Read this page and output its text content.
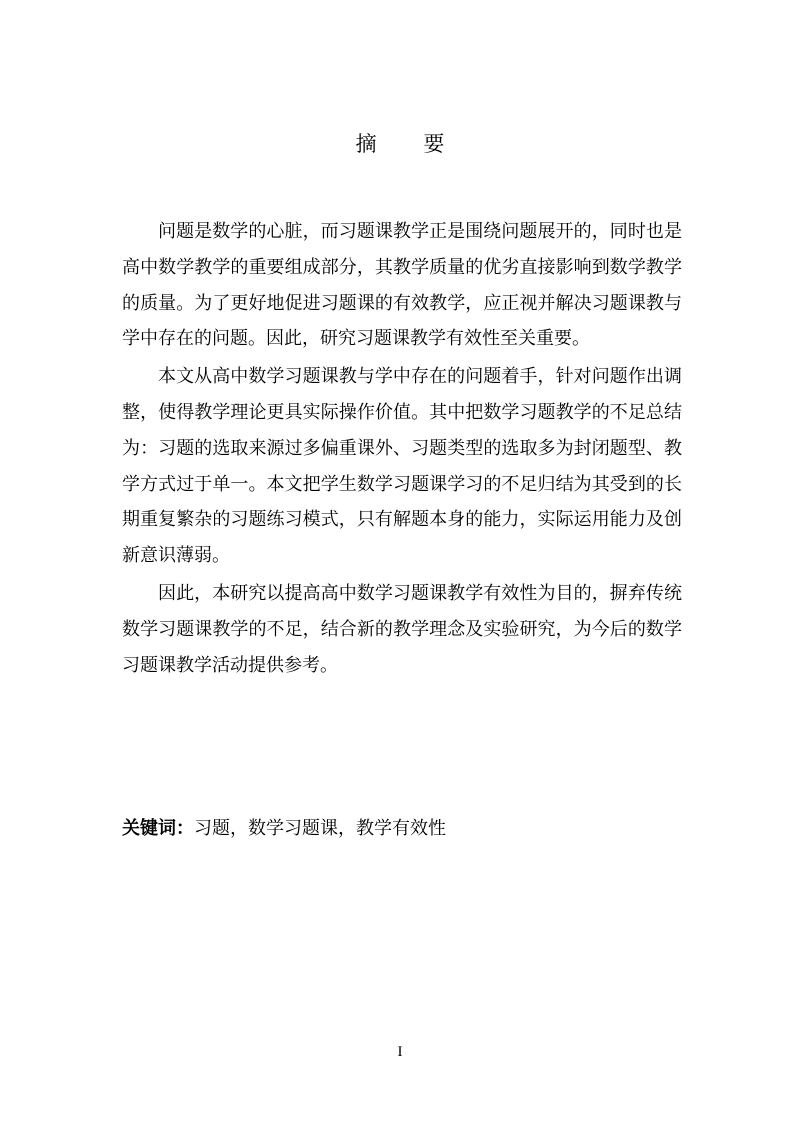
摘 要

问题是数学的心脏，而习题课教学正是围绕问题展开的，同时也是高中数学教学的重要组成部分，其教学质量的优劣直接影响到数学教学的质量。为了更好地促进习题课的有效教学，应正视并解决习题课教与学中存在的问题。因此，研究习题课教学有效性至关重要。

本文从高中数学习题课教与学中存在的问题着手，针对问题作出调整，使得教学理论更具实际操作价值。其中把数学习题教学的不足总结为：习题的选取来源过多偏重课外、习题类型的选取多为封闭题型、教学方式过于单一。本文把学生数学习题课学习的不足归结为其受到的长期重复繁杂的习题练习模式，只有解题本身的能力，实际运用能力及创新意识薄弱。

因此，本研究以提高高中数学习题课教学有效性为目的，摒弃传统数学习题课教学的不足，结合新的教学理念及实验研究，为今后的数学习题课教学活动提供参考。

关键词：习题，数学习题课，教学有效性
I
